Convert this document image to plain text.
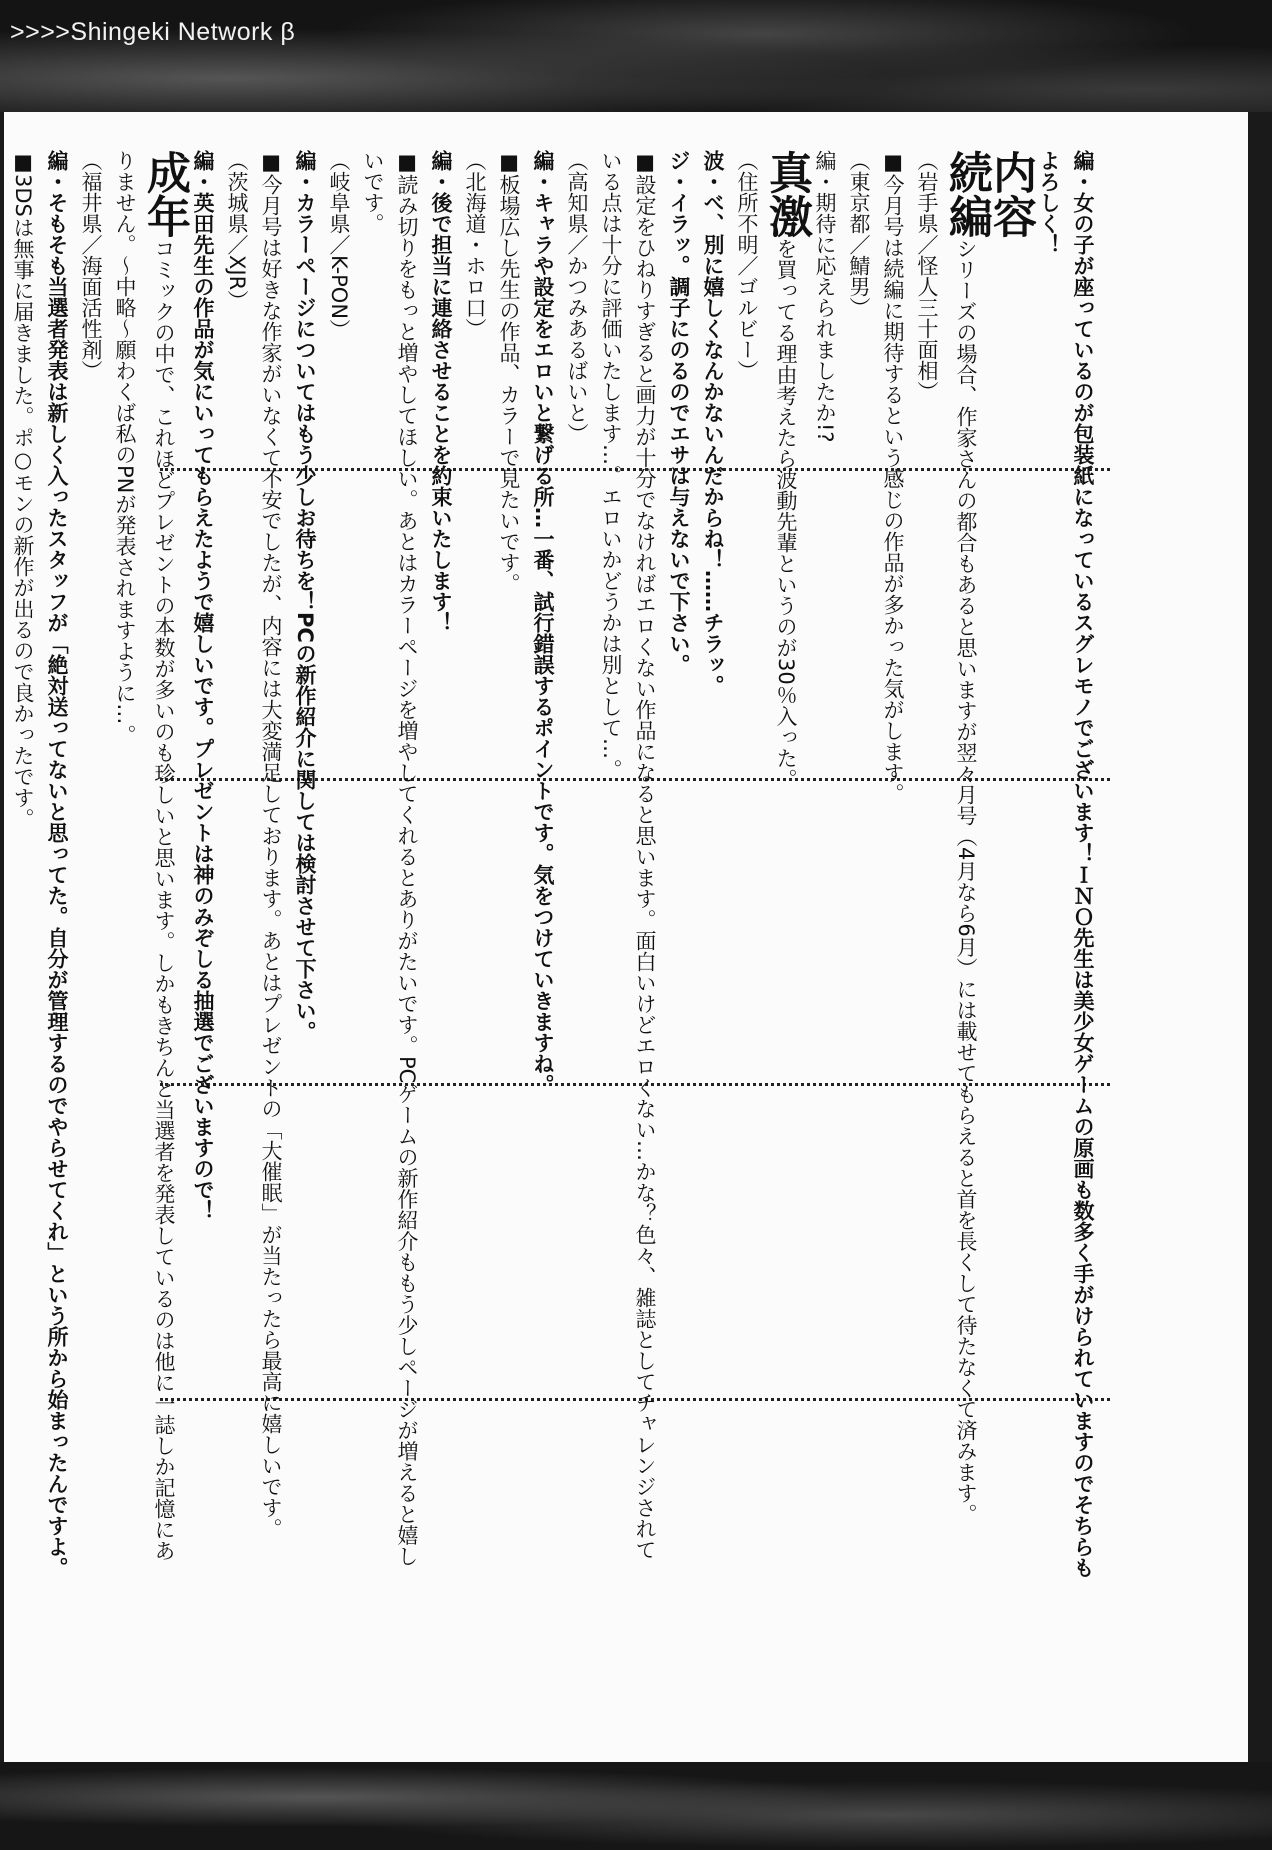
>>>>Shingeki Network β

編・女の子が座っているのが包装紙になっているスグレモノでございます！ＩＮＯ先生は美少女ゲームの原画も数多く手がけられていますのでそちらもよろしく！

内容

続編シリーズの場合、作家さんの都合もあると思いますが翌々月号（4月なら6月）には載せてもらえると首を長くして待たなくて済みます。

（岩手県／怪人三十面相）

■今月号は続編に期待するという感じの作品が多かった気がします。

（東京都／鯖男）

編・期待に応えられましたか!?

真激を買ってる理由考えたら波動先輩というのが30％入った。

（住所不明／ゴルビー）

波・べ、別に嬉しくなんかないんだからね！……チラッ。

ジ・イラッ。調子にのるのでエサは与えないで下さい。

■設定をひねりすぎると画力が十分でなければエロくない作品になると思います。面白いけどエロくない…かな？色々、雑誌としてチャレンジされている点は十分に評価いたします…。エロいかどうかは別として…。

（高知県／かつみあるばいと）

編・キャラや設定をエロいと繋げる所…一番、試行錯誤するポイントです。気をつけていきますね。

■板場広し先生の作品、カラーで見たいです。

（北海道・ホロ口）

編・後で担当に連絡させることを約束いたします！

■読み切りをもっと増やしてほしい。あとはカラーページを増やしてくれるとありがたいです。PCゲームの新作紹介ももう少しページが増えると嬉しいです。

（岐阜県／K-PON）

編・カラーページについてはもう少しお待ちを！PCの新作紹介に関しては検討させて下さい。

■今月号は好きな作家がいなくて不安でしたが、内容には大変満足しております。あとはプレゼントの「大催眠」が当たったら最高に嬉しいです。

（茨城県／XJR）

編・英田先生の作品が気にいってもらえたようで嬉しいです。プレゼントは神のみぞしる抽選でございますので！

成年コミックの中で、これほどプレゼントの本数が多いのも珍しいと思います。しかもきちんと当選者を発表しているのは他に一誌しか記憶にありません。～中略～願わくば私のPNが発表されますように…。

（福井県／海面活性剤）

編・そもそも当選者発表は新しく入ったスタッフが「絶対送ってないと思ってた。自分が管理するのでやらせてくれ」という所から始まったんですよ。

■3DSは無事に届きました。ポ○モンの新作が出るので良かったです。
